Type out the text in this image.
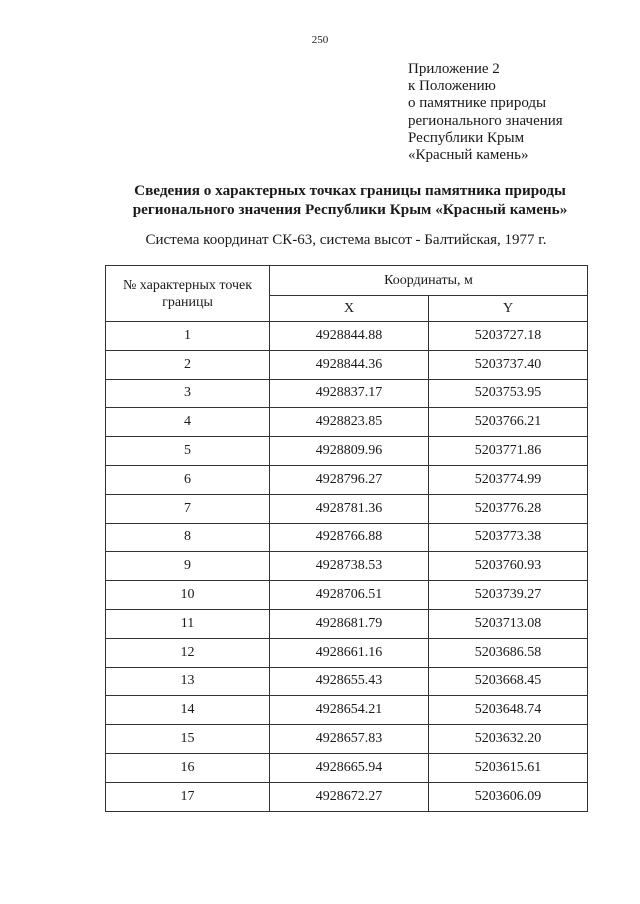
250
Приложение 2
к Положению
о памятнике природы
регионального значения
Республики Крым
«Красный камень»
Сведения о характерных точках границы памятника природы
регионального значения Республики Крым «Красный камень»
Система координат СК-63, система высот - Балтийская, 1977 г.
№ характерных точек границы	Координаты, м	
	X	Y
1	4928844.88	5203727.18
2	4928844.36	5203737.40
3	4928837.17	5203753.95
4	4928823.85	5203766.21
5	4928809.96	5203771.86
6	4928796.27	5203774.99
7	4928781.36	5203776.28
8	4928766.88	5203773.38
9	4928738.53	5203760.93
10	4928706.51	5203739.27
11	4928681.79	5203713.08
12	4928661.16	5203686.58
13	4928655.43	5203668.45
14	4928654.21	5203648.74
15	4928657.83	5203632.20
16	4928665.94	5203615.61
17	4928672.27	5203606.09
